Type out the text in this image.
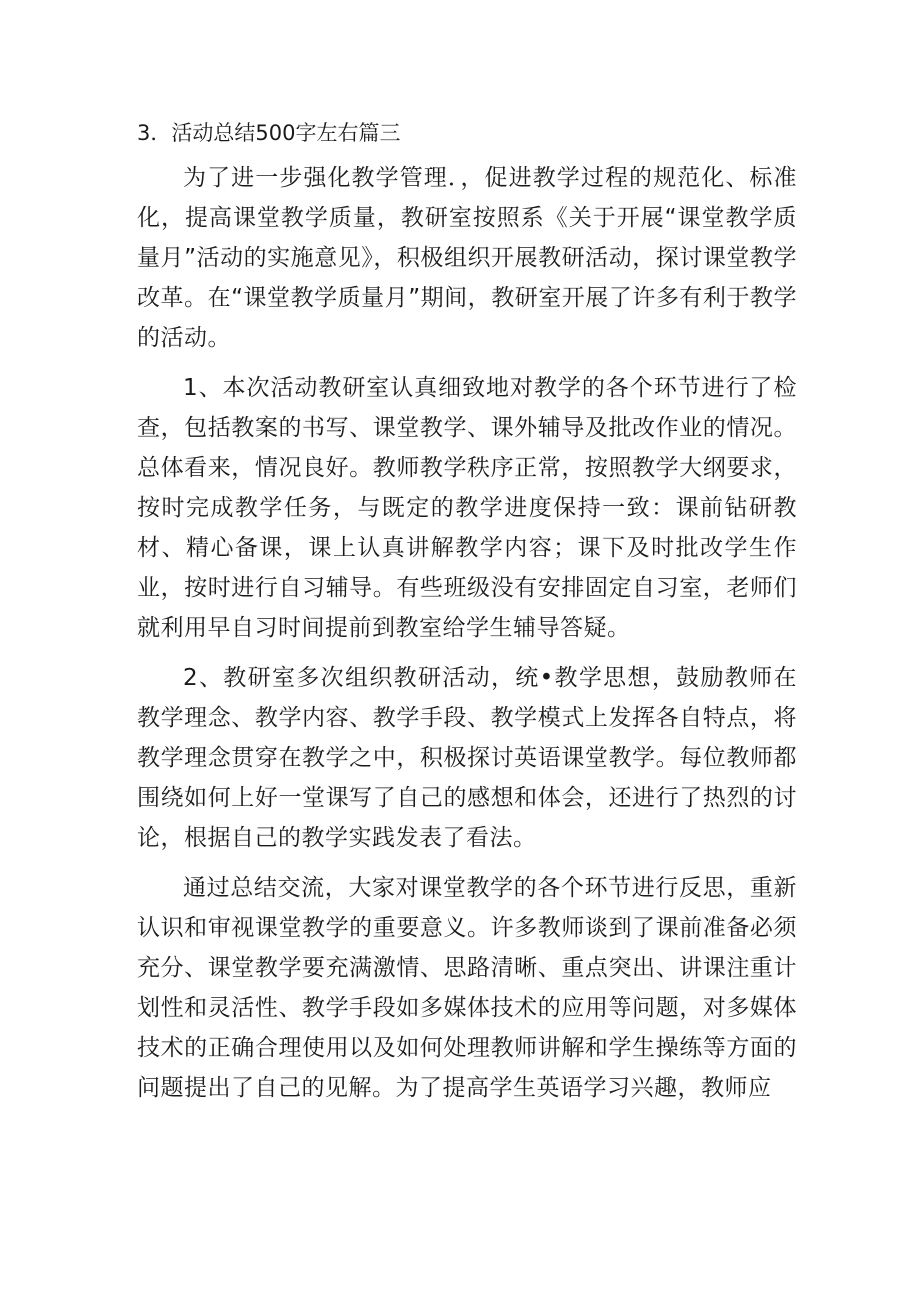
3．活动总结500字左右篇三

为了进一步强化教学管理．，促进教学过程的规范化、标准化，提高课堂教学质量，教研室按照系《关于开展“课堂教学质量月”活动的实施意见》，积极组织开展教研活动，探讨课堂教学改革。在“课堂教学质量月”期间，教研室开展了许多有利于教学的活动。

1、本次活动教研室认真细致地对教学的各个环节进行了检查，包括教案的书写、课堂教学、课外辅导及批改作业的情况。总体看来，情况良好。教师教学秩序正常，按照教学大纲要求，按时完成教学任务，与既定的教学进度保持一致：课前钻研教材、精心备课，课上认真讲解教学内容；课下及时批改学生作业，按时进行自习辅导。有些班级没有安排固定自习室，老师们就利用早自习时间提前到教室给学生辅导答疑。

2、教研室多次组织教研活动，统•教学思想，鼓励教师在教学理念、教学内容、教学手段、教学模式上发挥各自特点，将教学理念贯穿在教学之中，积极探讨英语课堂教学。每位教师都围绕如何上好一堂课写了自己的感想和体会，还进行了热烈的讨论，根据自己的教学实践发表了看法。

通过总结交流，大家对课堂教学的各个环节进行反思，重新认识和审视课堂教学的重要意义。许多教师谈到了课前准备必须充分、课堂教学要充满激情、思路清晰、重点突出、讲课注重计划性和灵活性、教学手段如多媒体技术的应用等问题，对多媒体技术的正确合理使用以及如何处理教师讲解和学生操练等方面的问题提出了自己的见解。为了提高学生英语学习兴趣，教师应
